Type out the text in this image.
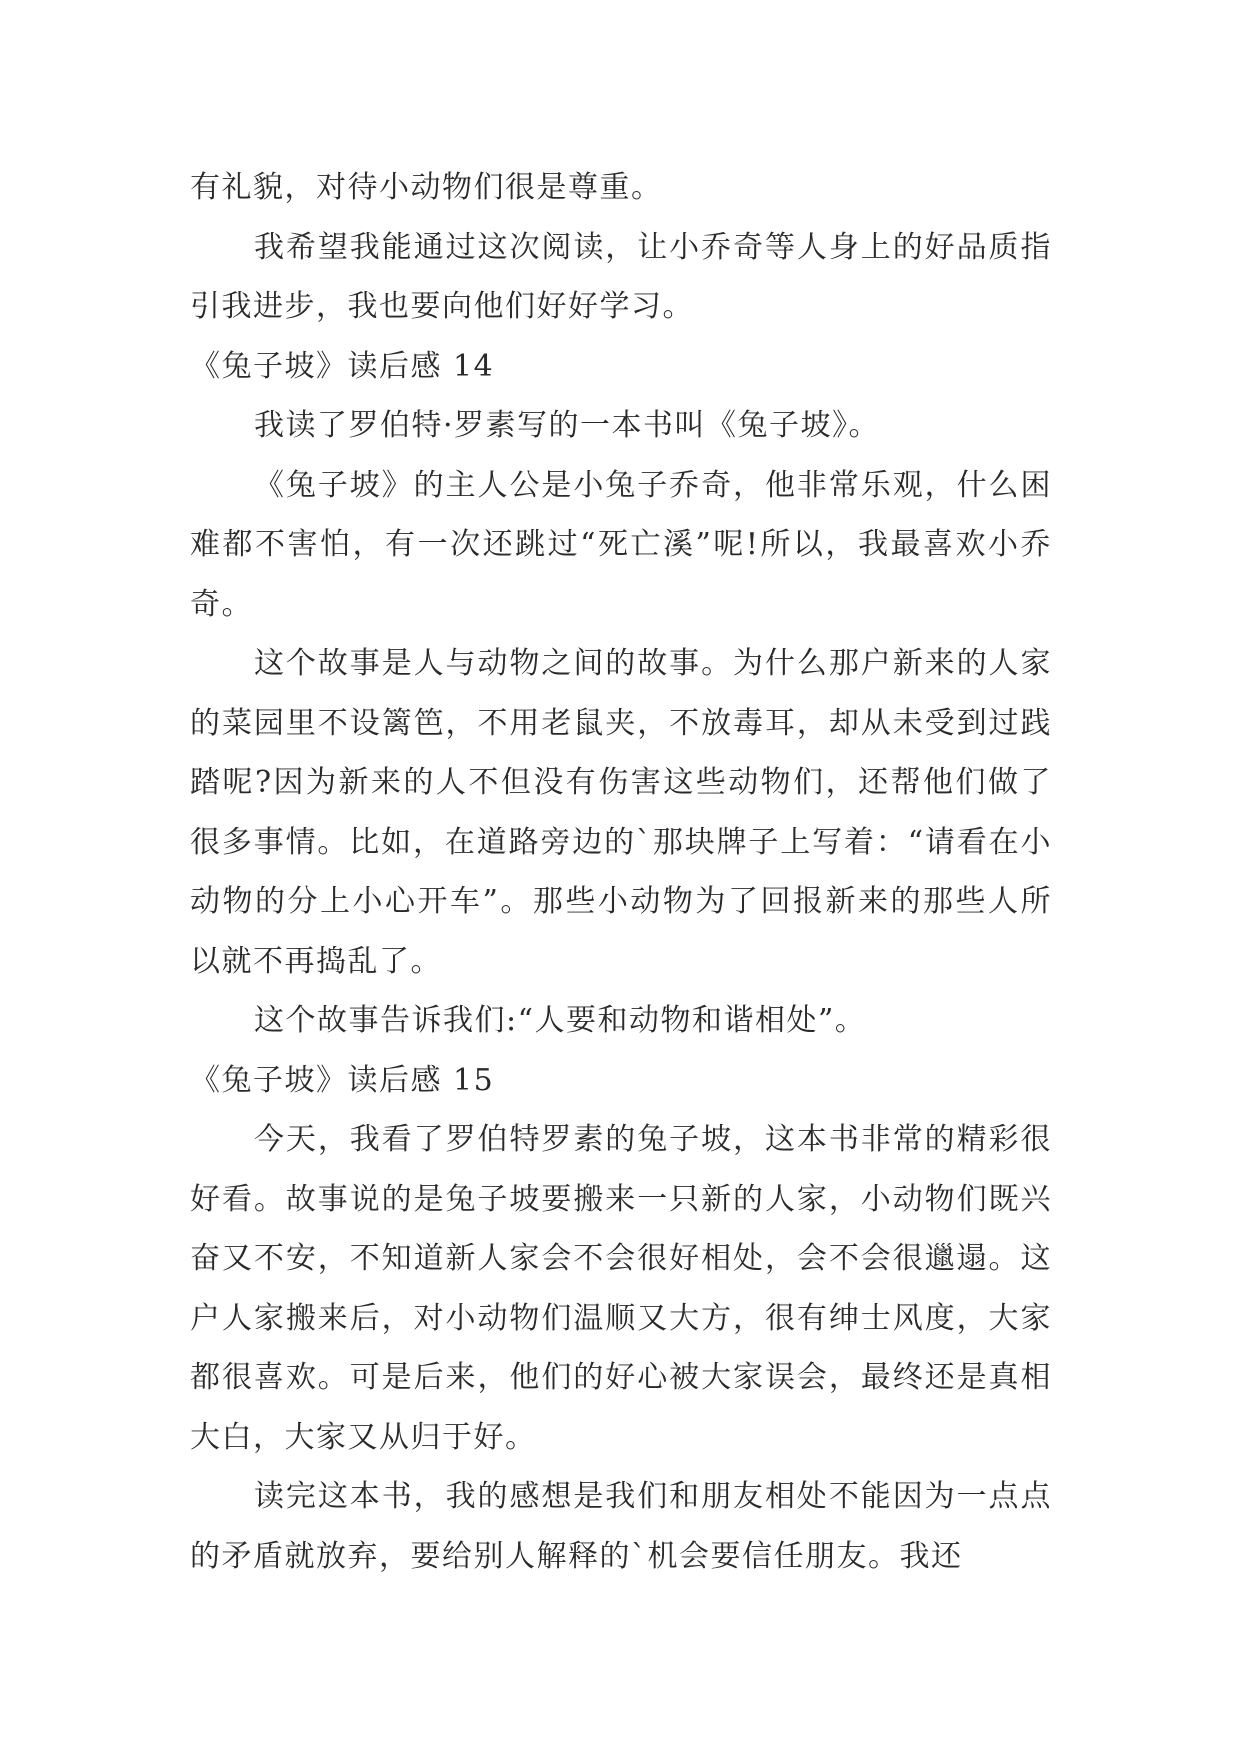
有礼貌，对待小动物们很是尊重。

我希望我能通过这次阅读，让小乔奇等人身上的好品质指引我进步，我也要向他们好好学习。

《兔子坡》读后感 14

我读了罗伯特·罗素写的一本书叫《兔子坡》。

《兔子坡》的主人公是小兔子乔奇，他非常乐观，什么困难都不害怕，有一次还跳过“死亡溪”呢!所以，我最喜欢小乔奇。

这个故事是人与动物之间的故事。为什么那户新来的人家的菜园里不设篱笆，不用老鼠夹，不放毒耳，却从未受到过践踏呢?因为新来的人不但没有伤害这些动物们，还帮他们做了很多事情。比如，在道路旁边的`那块牌子上写着：“请看在小动物的分上小心开车”。那些小动物为了回报新来的那些人所以就不再捣乱了。

这个故事告诉我们:“人要和动物和谐相处”。

《兔子坡》读后感 15

今天，我看了罗伯特罗素的兔子坡，这本书非常的精彩很好看。故事说的是兔子坡要搬来一只新的人家，小动物们既兴奋又不安，不知道新人家会不会很好相处，会不会很邋遢。这户人家搬来后，对小动物们温顺又大方，很有绅士风度，大家都很喜欢。可是后来，他们的好心被大家误会，最终还是真相大白，大家又从归于好。

读完这本书，我的感想是我们和朋友相处不能因为一点点的矛盾就放弃，要给别人解释的`机会要信任朋友。我还
